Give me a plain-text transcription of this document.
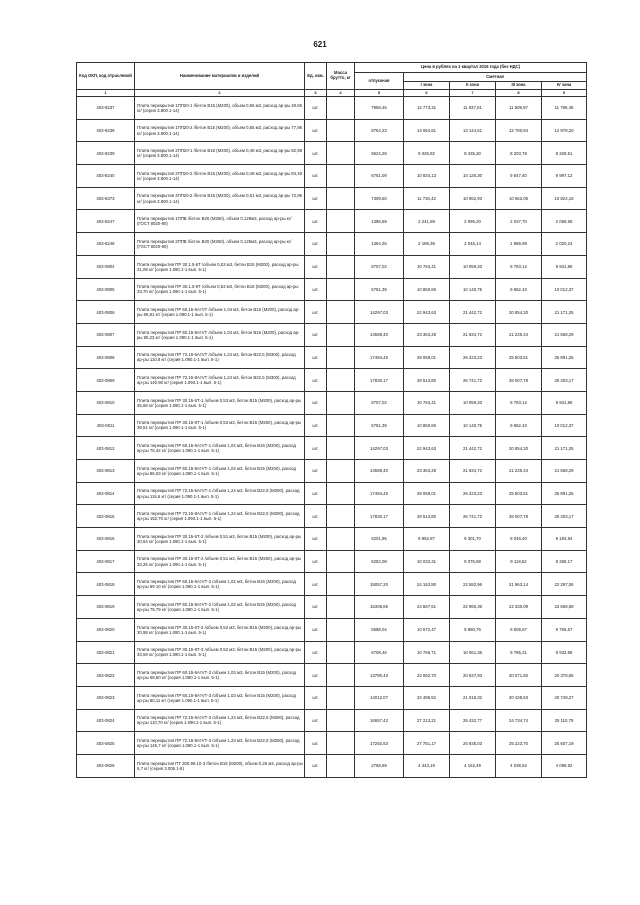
621
Код ОКП, код отраслевой	Наименование материалов и изделий	Ед. изм.	Масса брутто, кг	Цена в рублях на 1 квартал 2016 года (без НДС)				
				отпускная	Сметная			
					I зона	II зона	III зона	IV зона
1	2	3	4	5	6	7	8	9
403-8237	Плита перекрытия 1ПП20-1 /бетон В15 (М200), объем 0,55 м3, расход ар-ры 49,65 кг/ (серия 3.800.1-14)	шт.		7959,46	12 773,31	11 937,61	11 509,97	11 786,46
403-8238	Плита перекрытия 1ПП20-2 /бетон В15 (М200), объем 0,55 м3, расход ар-ры 77,96 кг/ (серия 3.800.1-14)	шт.		8764,23	14 064,81	13 144,61	12 780,84	12 978,20
403-8239	Плита перекрытия 2ПП20-1 /бетон В15 (М200), объем 0,48 м3, расход ар-ры 62,98 кг/ (серия 3.800.1-14)	шт.		5624,28	9 025,82	8 435,30	8 203,79	8 328,51
403-8240	Плита перекрытия 2ПП20-2 /бетон В15 (М200), объем 0,48 м3, расход ар-ры 84,49 кг/ (серия 3.800.1-14)	шт.		6751,09	10 834,13	10 125,30	9 847,40	9 997,12
403-8373	Плита перекрытия 4ПП20-2 /бетон В15 (М200), объем 0,51 м3, расход ар-ры 72,96 кг/ (серия 3.800.1-14)	шт.		7309,60	11 730,42	10 962,93	10 662,05	10 824,16
403-8247	Плита перекрытия 1ППВ /бетон В20 (М250), объем 0,128м3, расход ар-ры кг/ (ГОСТ 8020-90)	шт.		1396,59	2 241,88	2 095,20	2 037,70	2 068,68
403-8248	Плита перекрытия 2ППВ /бетон В20 (М250), объем 0,125м3, расход ар-ры кг/ (ГОСТ 8020-90)	шт.		1364,26	2 189,39	2 046,14	1 989,99	2 020,24
403-0804	Плита перекрытия ПР 30.1.5-6Т /объем 0,53 м3, бетон В15 (М200), расход ар-ры 31,08 кг/ (серия 1.090.1-1 вып. 5-1)	шт.		6707,02	10 763,41	10 059,20	9 783,12	9 931,86
403-0805	Плита перекрытия ПР 30.1.5-8Т /объем 0,53 м3, бетон В15 (М200), расход ар-ры 33,70 кг/ (серия 1.090.1-1 вып. 5-1)	шт.		6751,39	10 850,66	10 140,75	9 862,43	10 012,37
403-0806	Плита перекрытия ПР 60.15-6AтVТ /объем 1,04 м3, бетон В15 (М200), расход ар-ры 69,81 кг/ (серия 1.090.1-1 вып. 5-1)	шт.		14297,03	22 943,63	21 442,72	20 854,20	21 171,25
403-0807	Плита перекрытия ПР 60.15-8AтVТ /объем 1,04 м3, бетон В15 (М200), расход ар-ры 80,23 кг/ (серия 1.090.1-1 вып. 5-1)	шт.		14558,40	23 363,28	21 834,72	21 235,44	21 558,29
403-0808	Плита перекрытия ПР 72.15-6AтVТ /объем 1,24 м3, бетон В22,5 (М300), расход ар-ры 110,8 кг/ (серия 1.090.1-1 вып. 5-1)	шт.		17484,46	28 059,01	26 223,23	25 503,51	25 891,25
403-0809	Плита перекрытия ПР 72.15-8AтVТ /объем 1,24 м3, бетон В22,5 (М300), расход ар-ры 140,90 кг/ (серия 1.090.1-1 вып. 5-1)	шт.		17830,17	28 613,80	26 741,72	26 007,78	26 403,17
403-0810	Плита перекрытия ПР 30.15-6Т-1 /объем 0,53 м3, бетон В15 (М200), расход ар-ры 35,68 кг/ (серия 1.090.1-1 вып. 5-1)	шт.		6707,02	10 763,41	10 059,20	9 783,12	9 931,86
403-0811	Плита перекрытия ПР 30.15-8Т-1 /объем 0,53 м3, бетон В15 (М200), расход ар-ры 39,51 кг/ (серия 1.090.1-1 вып. 5-1)	шт.		6751,39	10 850,66	10 140,75	9 862,43	10 012,37
403-0812	Плита перекрытия ПР 60.15-6AтVТ-1 /объем 1,04 м3, бетон В15 (М200), расход ар-ры 75,42 кг/ (серия 1.090.1-1 вып. 5-1)	шт.		14297,03	22 943,63	21 442,72	20 854,20	21 171,25
403-0813	Плита перекрытия ПР 60.15-8AтVТ-1 /объем 1,04 м3, бетон В15 (М200), расход ар-ры 86,03 кг/ (серия 1.090.1-1 вып. 5-1)	шт.		14558,40	23 363,28	21 834,72	21 235,44	21 558,29
403-0814	Плита перекрытия ПР 72.15-6AтVТ-1 /объем 1,24 м3, бетон В22,5 (М300), расход ар-ры 116,6 кг/ (серия 1.090.1-1 вып. 5-1)	шт.		17484,46	28 059,01	26 223,23	25 503,51	25 891,25
403-0815	Плита перекрытия ПР 72.15-8AтVТ-1 /объем 1,24 м3, бетон В22,5 (М300), расход ар-ры 152,70 кг/ (серия 1.090.1-1 вып. 5-1)	шт.		17830,17	28 613,80	26 741,72	26 007,78	26 403,17
403-0816	Плита перекрытия ПР 30.15-6Т-2 /объем 0,51 м3, бетон В15 (М200), расход ар-ры 30,64 кг/ (серия 1.090.1-1 вып. 5-1)	шт.		6201,95	9 952,87	9 301,70	9 046,40	9 183,94
403-0817	Плита перекрытия ПР 30.15-8Т-2 /объем 0,51 м3, бетон В15 (М200), расход ар-ры 33,25 кг/ (серия 1.090.1-1 вып. 5-1)	шт.		6252,08	10 033,31	9 376,88	9 119,52	9 258,17
403-0818	Плита перекрытия ПР 60.15-6AтVТ-2 /объем 1,02 м3, бетон В15 (М200), расход ар-ры 69 10 кг/ (серия 1.090.1-1 вып. 5-1)	шт.		15057,20	24 163,80	22 582,96	21 963,14	22 297,06
403-0819	Плита перекрытия ПР 60.15-8AтVТ-2 /объем 1,02 м3, бетон В15 (М200), расход ар-ры 79,79 кг/ (серия 1.090.1-1 вып. 5-1)	шт.		15308,86	24 567,61	22 960,36	22 330,09	22 669,59
403-0820	Плита перекрытия ПР 30.15-6Т-3 /объем 0,52 м3, бетон В15 (М200), расход ар-ры 30,98 кг/ (серия 1.090.1-1 вып. 5-1)	шт.		6588,04	10 572,47	9 880,76	9 609,57	9 755,67
403-0821	Плита перекрытия ПР 30.15-8Т-3 /объем 0,52 м3, бетон В15 (М200), расход ар-ры 33,59 кг/ (серия 1.090.1-1 вып. 5-1)	шт.		6708,46	10 765,71	10 061,36	9 785,21	9 933,98
403-0822	Плита перекрытия ПР 60.15-6AтVТ-3 /объем 1,03 м3, бетон В15 (М200), расход ар-ры 68,50 кг/ (серия 1.090.1-1 вып. 5-1)	шт.		13780,43	22 062,70	20 637,93	20 071,50	20 376,65
403-0823	Плита перекрытия ПР 60.15-8AтVТ-3 /объем 1,03 м3, бетон В15 (М200), расход ар-ры 80,11 кг/ (серия 1.090.1-1 вып. 5-1)	шт.		14012,07	22 486,52	21 015,32	20 438,53	20 749,27
403-0824	Плита перекрытия ПР 72.15-6AтVТ-3 /объем 1,23 м3, бетон В22,5 (М300), расход ар-ры 110,70 кг/ (серия 1.090.1-1 вып. 5-1)	шт.		16657,42	27 213,21	25 432,77	24 734,74	25 110,79
403-0825	Плита перекрытия ПР 72.15-8AтVТ-3 /объем 1,23 м3, бетон В22,5 (М300), расход ар-ры 146,7 кг/ (серия 1.090.1-1 вып. 5-1)	шт.		17292,63	27 751,17	25 935,03	25 223,70	25 607,19
403-0826	Плита перекрытия ПТ 300.99.10-3 /бетон В15 (М200), объем 0,26 м3, расход ар-ры 6,7 кг/ (серия 3.006.1-8)	шт.		2768,69	4 443,19	4 152,49	4 038,52	4 099,92
